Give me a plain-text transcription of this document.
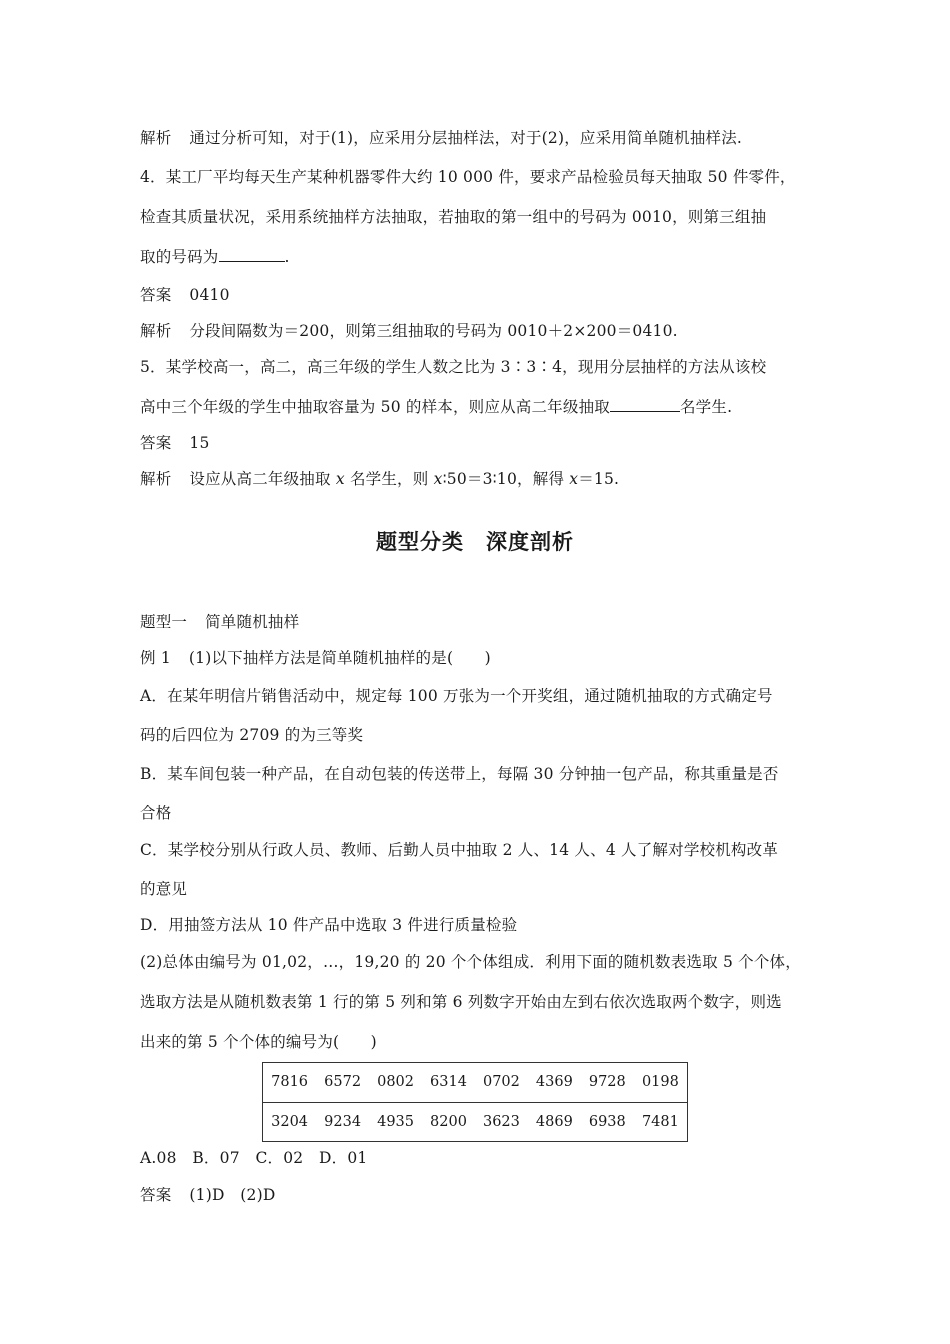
解析 通过分析可知，对于(1)，应采用分层抽样法，对于(2)，应采用简单随机抽样法.
4．某工厂平均每天生产某种机器零件大约 10 000 件，要求产品检验员每天抽取 50 件零件，
检查其质量状况，采用系统抽样方法抽取，若抽取的第一组中的号码为 0010，则第三组抽
取的号码为	.
答案 0410
解析 分段间隔数为＝200，则第三组抽取的号码为 0010＋2×200＝0410.
5．某学校高一，高二，高三年级的学生人数之比为 3∶3∶4，现用分层抽样的方法从该校
高中三个年级的学生中抽取容量为 50 的样本，则应从高二年级抽取	名学生.
答案 15
解析 设应从高二年级抽取 x 名学生，则 x∶50＝3∶10，解得 x＝15.
题型分类 深度剖析
题型一 简单随机抽样
例 1 (1)以下抽样方法是简单随机抽样的是(　　)
A．在某年明信片销售活动中，规定每 100 万张为一个开奖组，通过随机抽取的方式确定号
码的后四位为 2709 的为三等奖
B．某车间包装一种产品，在自动包装的传送带上，每隔 30 分钟抽一包产品，称其重量是否
合格
C．某学校分别从行政人员、教师、后勤人员中抽取 2 人、14 人、4 人了解对学校机构改革
的意见
D．用抽签方法从 10 件产品中选取 3 件进行质量检验
(2)总体由编号为 01,02，…，19,20 的 20 个个体组成．利用下面的随机数表选取 5 个个体，
选取方法是从随机数表第 1 行的第 5 列和第 6 列数字开始由左到右依次选取两个数字，则选
出来的第 5 个个体的编号为(　　)
7816	6572	0802	6314	0702	4369	9728	0198
3204	9234	4935	8200	3623	4869	6938	7481
A.08　B．07　C．02　D．01
答案 (1)D　(2)D
